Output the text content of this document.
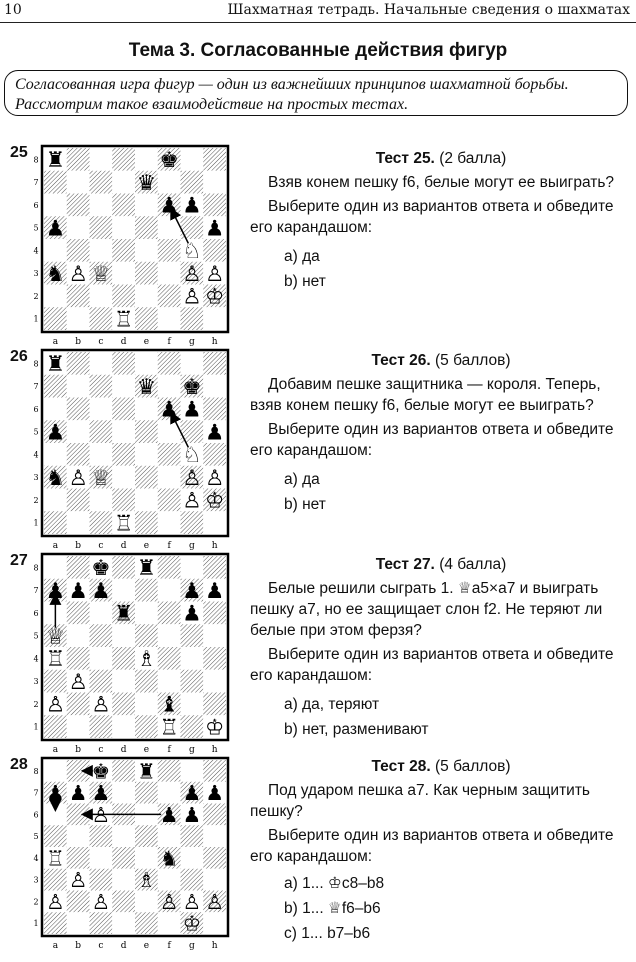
10	Шахматная тетрадь. Начальные сведения о шахматах
Тема 3. Согласованные действия фигур
Согласованная игра фигур — один из важнейших принципов шахматной борьбы. Рассмотрим такое взаимодействие на простых тестах.
25 8
7
6
5
4
3
2
1
a b c d e f g h
♜	♚
♛
♟ ♟
♟
♟
♘
♞ ♙ ♕	♙ ♙
♙ ♔
♖
Тест 25. (2 балла)

Взяв конем пешку f6, белые могут ее выиграть?

Выберите один из вариантов ответа и обведите его карандашом:

а) да
b) нет
26 8
7
6
5
4
3
2
1
a b c d e f g h
♜
♛ ♚
♟ ♟
♟	♟
♘
♞ ♙ ♕	♙
♙
♙ ♔
♖
Тест 26. (5 баллов)

Добавим пешке защитника — короля. Теперь, взяв конем пешку f6, белые могут ее выиграть?

Выберите один из вариантов ответа и обведите его карандашом:

а) да
b) нет
27 8
7
6
5
4
3
2
1
a b c d e f g h
♚ ♜
♟ ♟ ♟	♟ ♟
♜ ♟
♕
♖	♗
♙
♙ ♙ ♝
♖ ♔
Тест 27. (4 балла)

Белые решили сыграть 1. ♕a5×a7 и выиграть пешку a7, но ее защищает слон f2. Не теряют ли белые при этом ферзя?

Выберите один из вариантов ответа и обведите его карандашом:

а) да, теряют
b) нет, разменивают
28 8
7
6
5
4
3
2
1
a b c d e f g h
♚ ♜
♟ ♟ ♟	♟ ♟
♟ ♟
♙
♞
♖
♙ ♗
♙ ♙ ♙ ♙ ♙
♔
Тест 28. (5 баллов)

Под ударом пешка a7. Как черным защитить пешку?

Выберите один из вариантов ответа и обведите его карандашом:

а) 1... ♔c8–b8
b) 1... ♕f6–b6
c) 1... b7–b6
